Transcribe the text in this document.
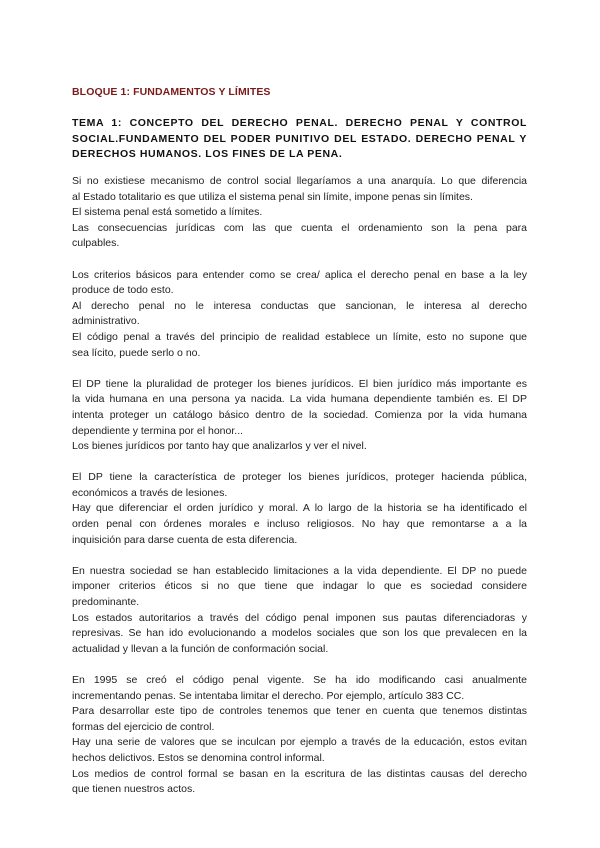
BLOQUE 1: FUNDAMENTOS Y LÍMITES
TEMA 1: CONCEPTO DEL DERECHO PENAL. DERECHO PENAL Y CONTROL
SOCIAL.FUNDAMENTO DEL PODER PUNITIVO DEL ESTADO. DERECHO PENAL Y
DERECHOS HUMANOS. LOS FINES DE LA PENA.
Si no existiese mecanismo de control social llegaríamos a una anarquía. Lo que diferencia
al Estado totalitario es que utiliza el sistema penal sin límite, impone penas sin límites.
El sistema penal está sometido a límites.
Las consecuencias jurídicas com las que cuenta el ordenamiento son la pena para
culpables.
Los criterios básicos para entender como se crea/ aplica el derecho penal en base a la ley
produce de todo esto.
Al derecho penal no le interesa conductas que sancionan, le interesa al derecho
administrativo.
El código penal a través del principio de realidad establece un límite, esto no supone que
sea lícito, puede serlo o no.
El DP tiene la pluralidad de proteger los bienes jurídicos. El bien jurídico más importante es
la vida humana en una persona ya nacida. La vida humana dependiente también es. El DP
intenta proteger un catálogo básico dentro de la sociedad. Comienza por la vida humana
dependiente y termina por el honor...
Los bienes jurídicos por tanto hay que analizarlos y ver el nivel.
El DP tiene la característica de proteger los bienes jurídicos, proteger hacienda pública,
económicos a través de lesiones.
Hay que diferenciar el orden jurídico y moral. A lo largo de la historia se ha identificado el
orden penal con órdenes morales e incluso religiosos. No hay que remontarse a a la
inquisición para darse cuenta de esta diferencia.
En nuestra sociedad se han establecido limitaciones a la vida dependiente. El DP no puede
imponer criterios éticos si no que tiene que indagar lo que es sociedad considere
predominante.
Los estados autoritarios a través del código penal imponen sus pautas diferenciadoras y
represivas. Se han ido evolucionando a modelos sociales que son los que prevalecen en la
actualidad y llevan a la función de conformación social.
En 1995 se creó el código penal vigente. Se ha ido modificando casi anualmente
incrementando penas. Se intentaba limitar el derecho. Por ejemplo, artículo 383 CC.
Para desarrollar este tipo de controles tenemos que tener en cuenta que tenemos distintas
formas del ejercicio de control.
Hay una serie de valores que se inculcan por ejemplo a través de la educación, estos evitan
hechos delictivos. Estos se denomina control informal.
Los medios de control formal se basan en la escritura de las distintas causas del derecho
que tienen nuestros actos.
